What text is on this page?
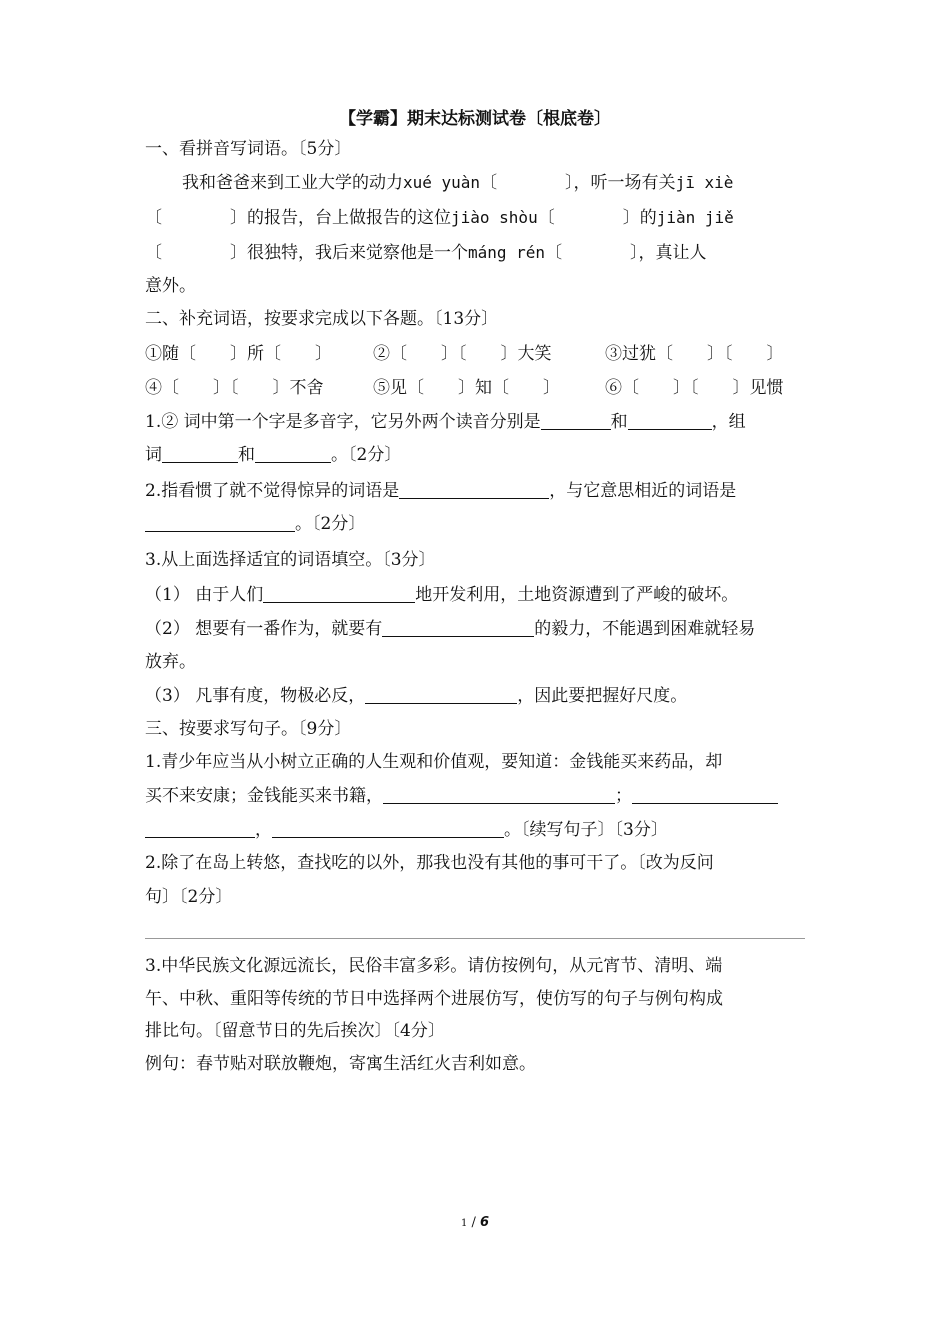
【学霸】期末达标测试卷〔根底卷〕
一、看拼音写词语。〔5分〕
我和爸爸来到工业大学的动力xué yuàn〔　　　　〕，听一场有关jī xiè
〔　　　　〕的报告，台上做报告的这位jiào shòu〔　　　　〕的jiàn jiě
〔　　　　〕很独特，我后来觉察他是一个máng rén〔　　　　〕，真让人
意外。
二、补充词语，按要求完成以下各题。〔13分〕
①随〔　　〕所〔　　〕 ②〔　　〕〔　　〕大笑	③过犹〔　　〕〔　　〕
④〔　　〕〔　　〕不舍	⑤见〔　　〕知〔　　〕	⑥〔　　〕〔　　〕见惯
1.② 词中第一个字是多音字，它另外两个读音分别是	和	，组
词	和	。〔2分〕
2.指看惯了就不觉得惊异的词语是	，与它意思相近的词语是
。〔2分〕
3.从上面选择适宜的词语填空。〔3分〕
（1） 由于人们	地开发利用，土地资源遭到了严峻的破坏。
（2） 想要有一番作为，就要有	的毅力，不能遇到困难就轻易
放弃。
（3） 凡事有度，物极必反，	，因此要把握好尺度。
三、按要求写句子。〔9分〕
1.青少年应当从小树立正确的人生观和价值观，要知道：金钱能买来药品，却
买不来安康；金钱能买来书籍，	；
，	。〔续写句子〕〔3分〕
2.除了在岛上转悠，查找吃的以外，那我也没有其他的事可干了。〔改为反问
句〕〔2分〕
3.中华民族文化源远流长，民俗丰富多彩。请仿按例句，从元宵节、清明、端
午、中秋、重阳等传统的节日中选择两个进展仿写，使仿写的句子与例句构成
排比句。〔留意节日的先后挨次〕〔4分〕
例句：春节贴对联放鞭炮，寄寓生活红火吉利如意。
1 / 6
